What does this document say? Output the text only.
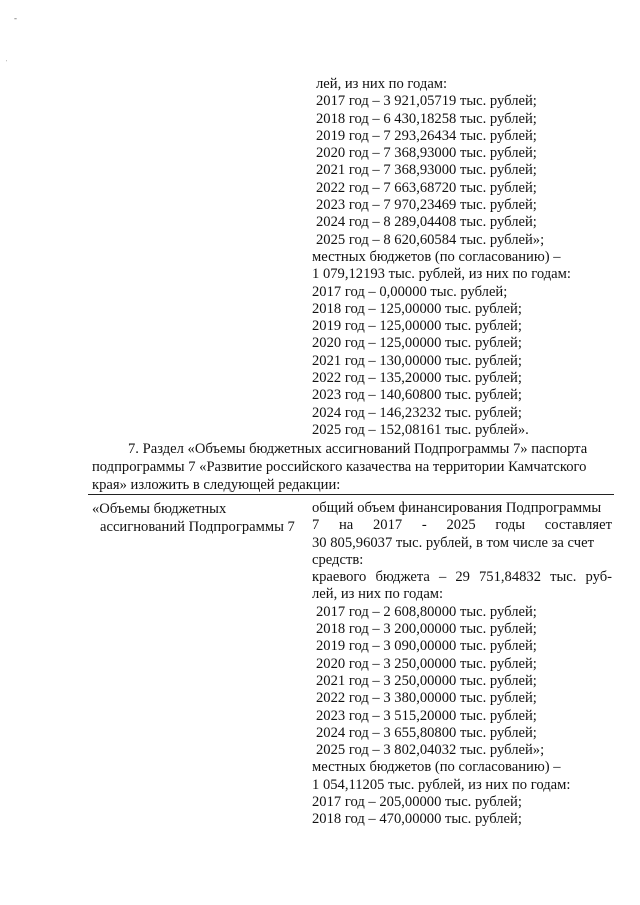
-
'
лей, из них по годам:
2017 год – 3 921,05719 тыс. рублей;
2018 год – 6 430,18258 тыс. рублей;
2019 год – 7 293,26434 тыс. рублей;
2020 год – 7 368,93000 тыс. рублей;
2021 год – 7 368,93000 тыс. рублей;
2022 год – 7 663,68720 тыс. рублей;
2023 год – 7 970,23469 тыс. рублей;
2024 год – 8 289,04408 тыс. рублей;
2025 год – 8 620,60584 тыс. рублей»;
местных бюджетов (по согласованию) –
1 079,12193 тыс. рублей, из них по годам:
2017 год – 0,00000 тыс. рублей;
2018 год – 125,00000 тыс. рублей;
2019 год – 125,00000 тыс. рублей;
2020 год – 125,00000 тыс. рублей;
2021 год – 130,00000 тыс. рублей;
2022 год – 135,20000 тыс. рублей;
2023 год – 140,60800 тыс. рублей;
2024 год – 146,23232 тыс. рублей;
2025 год – 152,08161 тыс. рублей».
7. Раздел «Объемы бюджетных ассигнований Подпрограммы 7» паспорта
подпрограммы 7 «Развитие российского казачества на территории Камчатского
края» изложить в следующей редакции:
«Объемы бюджетных
ассигнований Подпрограммы 7
общий объем финансирования Подпрограммы
7 на 2017 - 2025 годы составляет
30 805,96037 тыс. рублей, в том числе за счет
средств:
краевого бюджета – 29 751,84832 тыс. руб-
лей, из них по годам:
2017 год – 2 608,80000 тыс. рублей;
2018 год – 3 200,00000 тыс. рублей;
2019 год – 3 090,00000 тыс. рублей;
2020 год – 3 250,00000 тыс. рублей;
2021 год – 3 250,00000 тыс. рублей;
2022 год – 3 380,00000 тыс. рублей;
2023 год – 3 515,20000 тыс. рублей;
2024 год – 3 655,80800 тыс. рублей;
2025 год – 3 802,04032 тыс. рублей»;
местных бюджетов (по согласованию) –
1 054,11205 тыс. рублей, из них по годам:
2017 год – 205,00000 тыс. рублей;
2018 год – 470,00000 тыс. рублей;
